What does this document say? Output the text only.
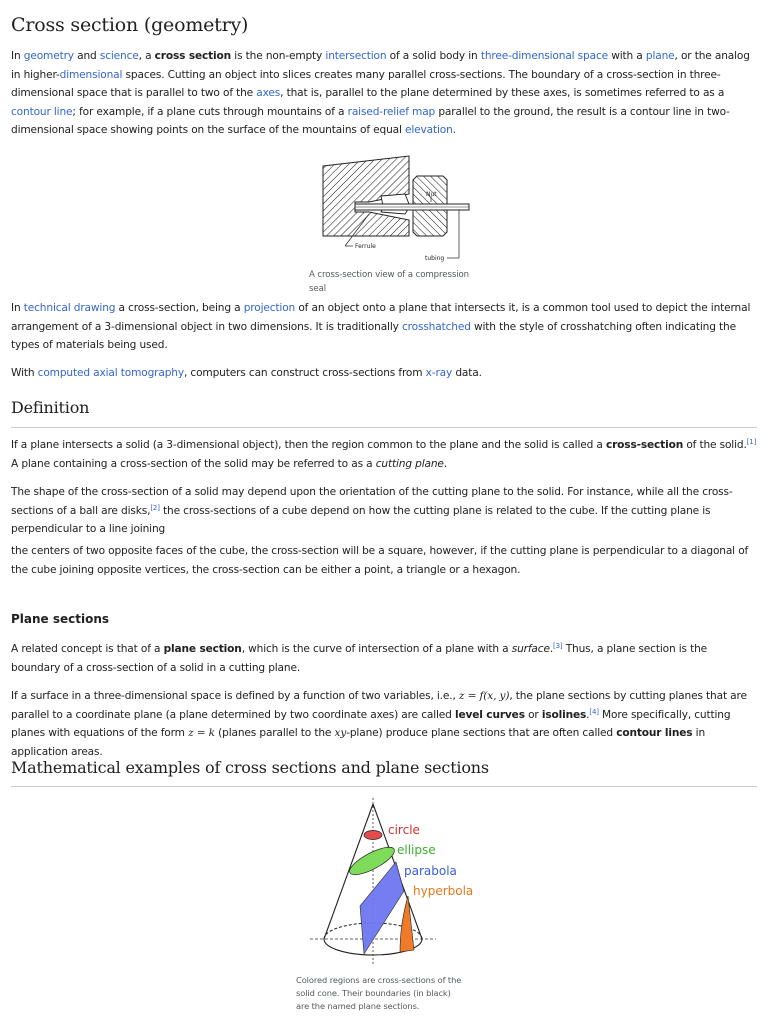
Cross section (geometry)

In geometry and science, a cross section is the non-empty intersection of a solid body in three-dimensional space with a plane, or the analog in higher-dimensional spaces. Cutting an object into slices creates many parallel cross-sections. The boundary of a cross-section in three-dimensional space that is parallel to two of the axes, that is, parallel to the plane determined by these axes, is sometimes referred to as a contour line; for example, if a plane cuts through mountains of a raised-relief map parallel to the ground, the result is a contour line in two-dimensional space showing points on the surface of the mountains of equal elevation.

Ferrule
Nut
tubing
A cross-section view of a compression seal

In technical drawing a cross-section, being a projection of an object onto a plane that intersects it, is a common tool used to depict the internal arrangement of a 3-dimensional object in two dimensions. It is traditionally crosshatched with the style of crosshatching often indicating the types of materials being used.

With computed axial tomography, computers can construct cross-sections from x-ray data.

Definition

If a plane intersects a solid (a 3-dimensional object), then the region common to the plane and the solid is called a cross-section of the solid.[1] A plane containing a cross-section of the solid may be referred to as a cutting plane.

The shape of the cross-section of a solid may depend upon the orientation of the cutting plane to the solid. For instance, while all the cross-sections of a ball are disks,[2] the cross-sections of a cube depend on how the cutting plane is related to the cube. If the cutting plane is perpendicular to a line joining

the centers of two opposite faces of the cube, the cross-section will be a square, however, if the cutting plane is perpendicular to a diagonal of the cube joining opposite vertices, the cross-section can be either a point, a triangle or a hexagon.

Plane sections

A related concept is that of a plane section, which is the curve of intersection of a plane with a surface.[3] Thus, a plane section is the boundary of a cross-section of a solid in a cutting plane.

If a surface in a three-dimensional space is defined by a function of two variables, i.e., z = f(x, y), the plane sections by cutting planes that are parallel to a coordinate plane (a plane determined by two coordinate axes) are called level curves or isolines.[4] More specifically, cutting planes with equations of the form z = k (planes parallel to the xy-plane) produce plane sections that are often called contour lines in application areas.

Mathematical examples of cross sections and plane sections
circle
ellipse
parabola
hyperbola
Colored regions are cross-sections of the solid cone. Their boundaries (in black) are the named plane sections.
